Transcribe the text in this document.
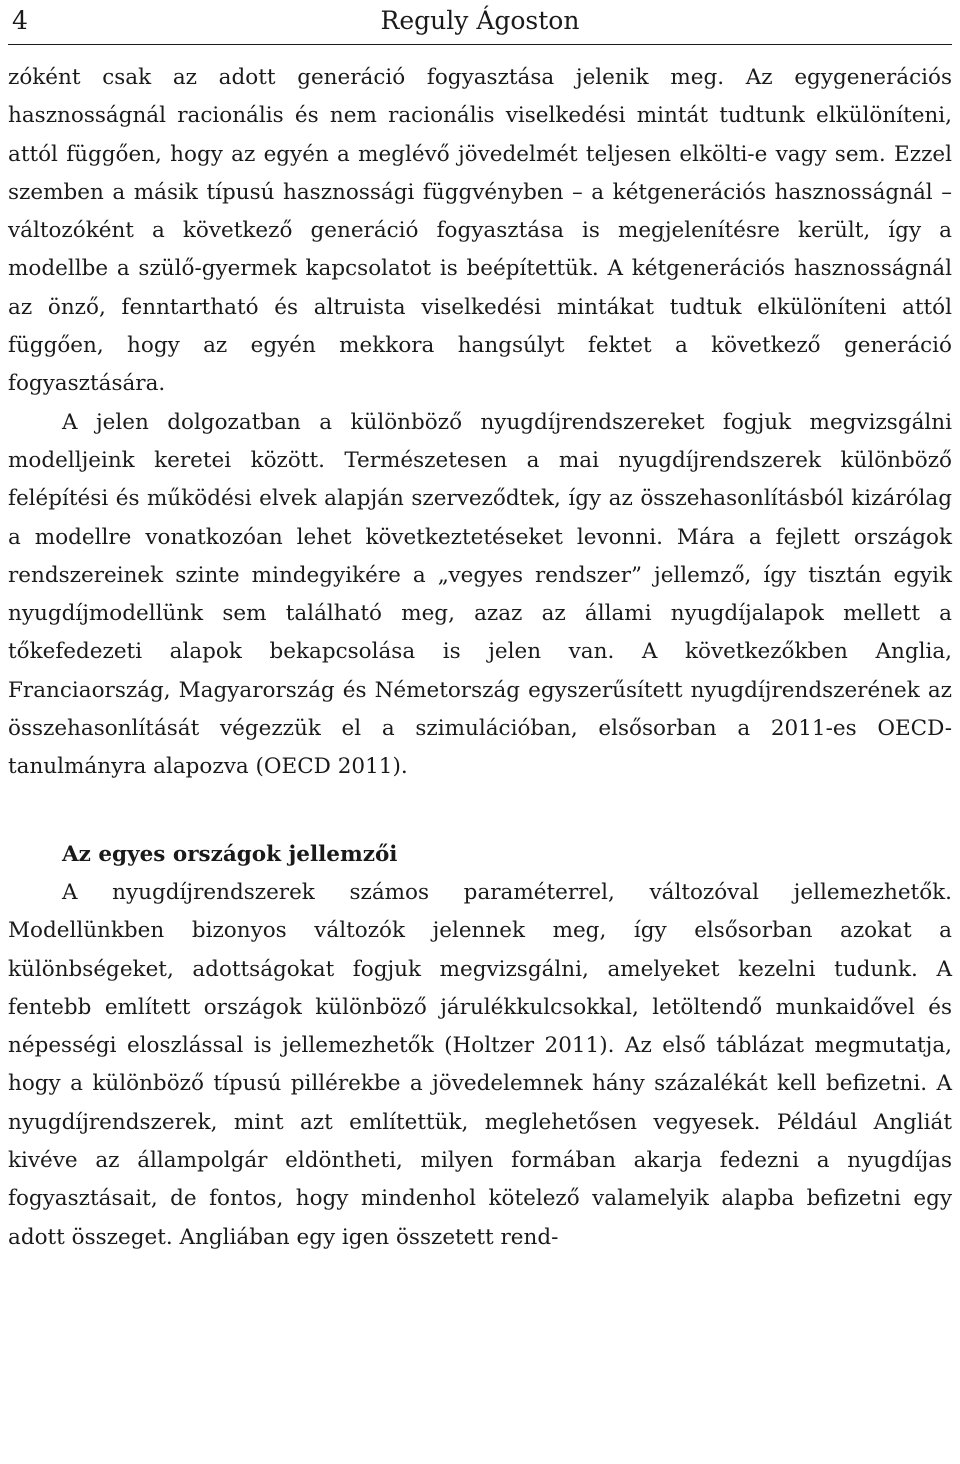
4	Reguly Ágoston

zóként csak az adott generáció fogyasztása jelenik meg. Az egygenerációs hasznosságnál racionális és nem racionális viselkedési mintát tudtunk elkülöníteni, attól függően, hogy az egyén a meglévő jövedelmét teljesen elkölti-e vagy sem. Ezzel szemben a másik típusú hasznossági függvényben – a kétgenerációs hasznosságnál – változóként a következő generáció fogyasztása is megjelenítésre került, így a modellbe a szülő-gyermek kapcsolatot is beépítettük. A kétgenerációs hasznosságnál az önző, fenntartható és altruista viselkedési mintákat tudtuk elkülöníteni attól függően, hogy az egyén mekkora hangsúlyt fektet a következő generáció fogyasztására.

A jelen dolgozatban a különböző nyugdíjrendszereket fogjuk megvizsgálni modelljeink keretei között. Természetesen a mai nyugdíjrendszerek különböző felépítési és működési elvek alapján szerveződtek, így az összehasonlításból kizárólag a modellre vonatkozóan lehet következtetéseket levonni. Mára a fejlett országok rendszereinek szinte mindegyikére a „vegyes rendszer” jellemző, így tisztán egyik nyugdíjmodellünk sem található meg, azaz az állami nyugdíjalapok mellett a tőkefedezeti alapok bekapcsolása is jelen van. A következőkben Anglia, Franciaország, Magyarország és Németország egyszerűsített nyugdíjrendszerének az összehasonlítását végezzük el a szimulációban, elsősorban a 2011-es OECD-tanulmányra alapozva (OECD 2011).

Az egyes országok jellemzői

A nyugdíjrendszerek számos paraméterrel, változóval jellemezhetők. Modellünkben bizonyos változók jelennek meg, így elsősorban azokat a különbségeket, adottságokat fogjuk megvizsgálni, amelyeket kezelni tudunk. A fentebb említett országok különböző járulékkulcsokkal, letöltendő munkaidővel és népességi eloszlással is jellemezhetők (Holtzer 2011). Az első táblázat megmutatja, hogy a különböző típusú pillérekbe a jövedelemnek hány százalékát kell befizetni. A nyugdíjrendszerek, mint azt említettük, meglehetősen vegyesek. Például Angliát kivéve az állampolgár eldöntheti, milyen formában akarja fedezni a nyugdíjas fogyasztásait, de fontos, hogy mindenhol kötelező valamelyik alapba befizetni egy adott összeget. Angliában egy igen összetett rend-
